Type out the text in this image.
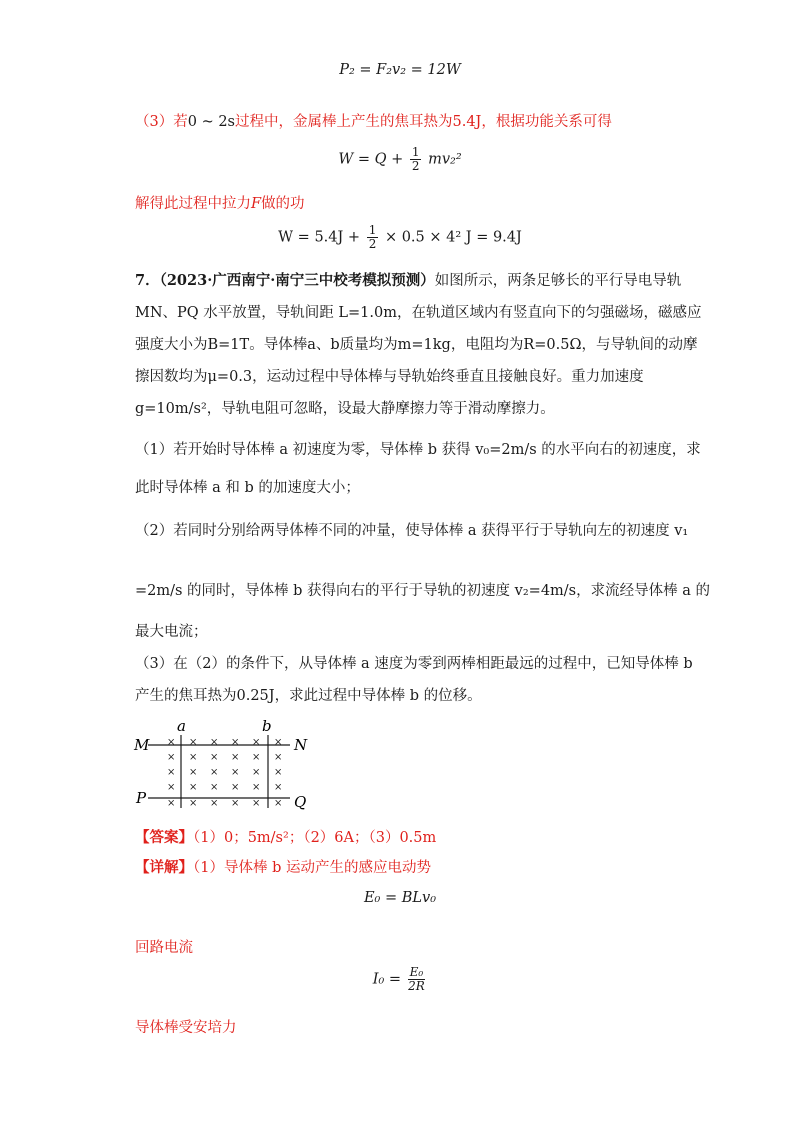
P₂ = F₂v₂ = 12W
（3）若0 ~ 2s过程中，金属棒上产生的焦耳热为5.4J，根据功能关系可得
$W = Q + \frac{1}{2} mv_2^2$
解得此过程中拉力F做的功
$W = 5.4J + \frac{1}{2} \times 0.5 \times 4^2$ J = 9.4J
7．（2023·广西南宁·南宁三中校考模拟预测）如图所示，两条足够长的平行导电导轨
MN、PQ 水平放置，导轨间距 L=1.0m，在轨道区域内有竖直向下的匀强磁场，磁感应
强度大小为B=1T。导体棒a、b质量均为m=1kg，电阻均为R=0.5Ω，与导轨间的动摩
擦因数均为μ=0.3，运动过程中导体棒与导轨始终垂直且接触良好。重力加速度
g=10m/s²，导轨电阻可忽略，设最大静摩擦力等于滑动摩擦力。
（1）若开始时导体棒 a 初速度为零，导体棒 b 获得 v₀=2m/s 的水平向右的初速度，求
此时导体棒 a 和 b 的加速度大小；
（2）若同时分别给两导体棒不同的冲量，使导体棒 a 获得平行于导轨向左的初速度 v₁
=2m/s 的同时，导体棒 b 获得向右的平行于导轨的初速度 v₂=4m/s，求流经导体棒 a 的
最大电流；
（3）在（2）的条件下，从导体棒 a 速度为零到两棒相距最远的过程中，已知导体棒 b
产生的焦耳热为0.25J，求此过程中导体棒 b 的位移。
× × × × × ×
× × × × × ×
× × × × × ×
× × × × × ×
× × × × × ×
a	b
M	N
P	Q
【答案】（1）0；5m/s²；（2）6A；（3）0.5m
【详解】（1）导体棒 b 运动产生的感应电动势
E₀ = BLv₀
回路电流
$I_0 = \frac{\text{E₀}}{2R}$
导体棒受安培力
